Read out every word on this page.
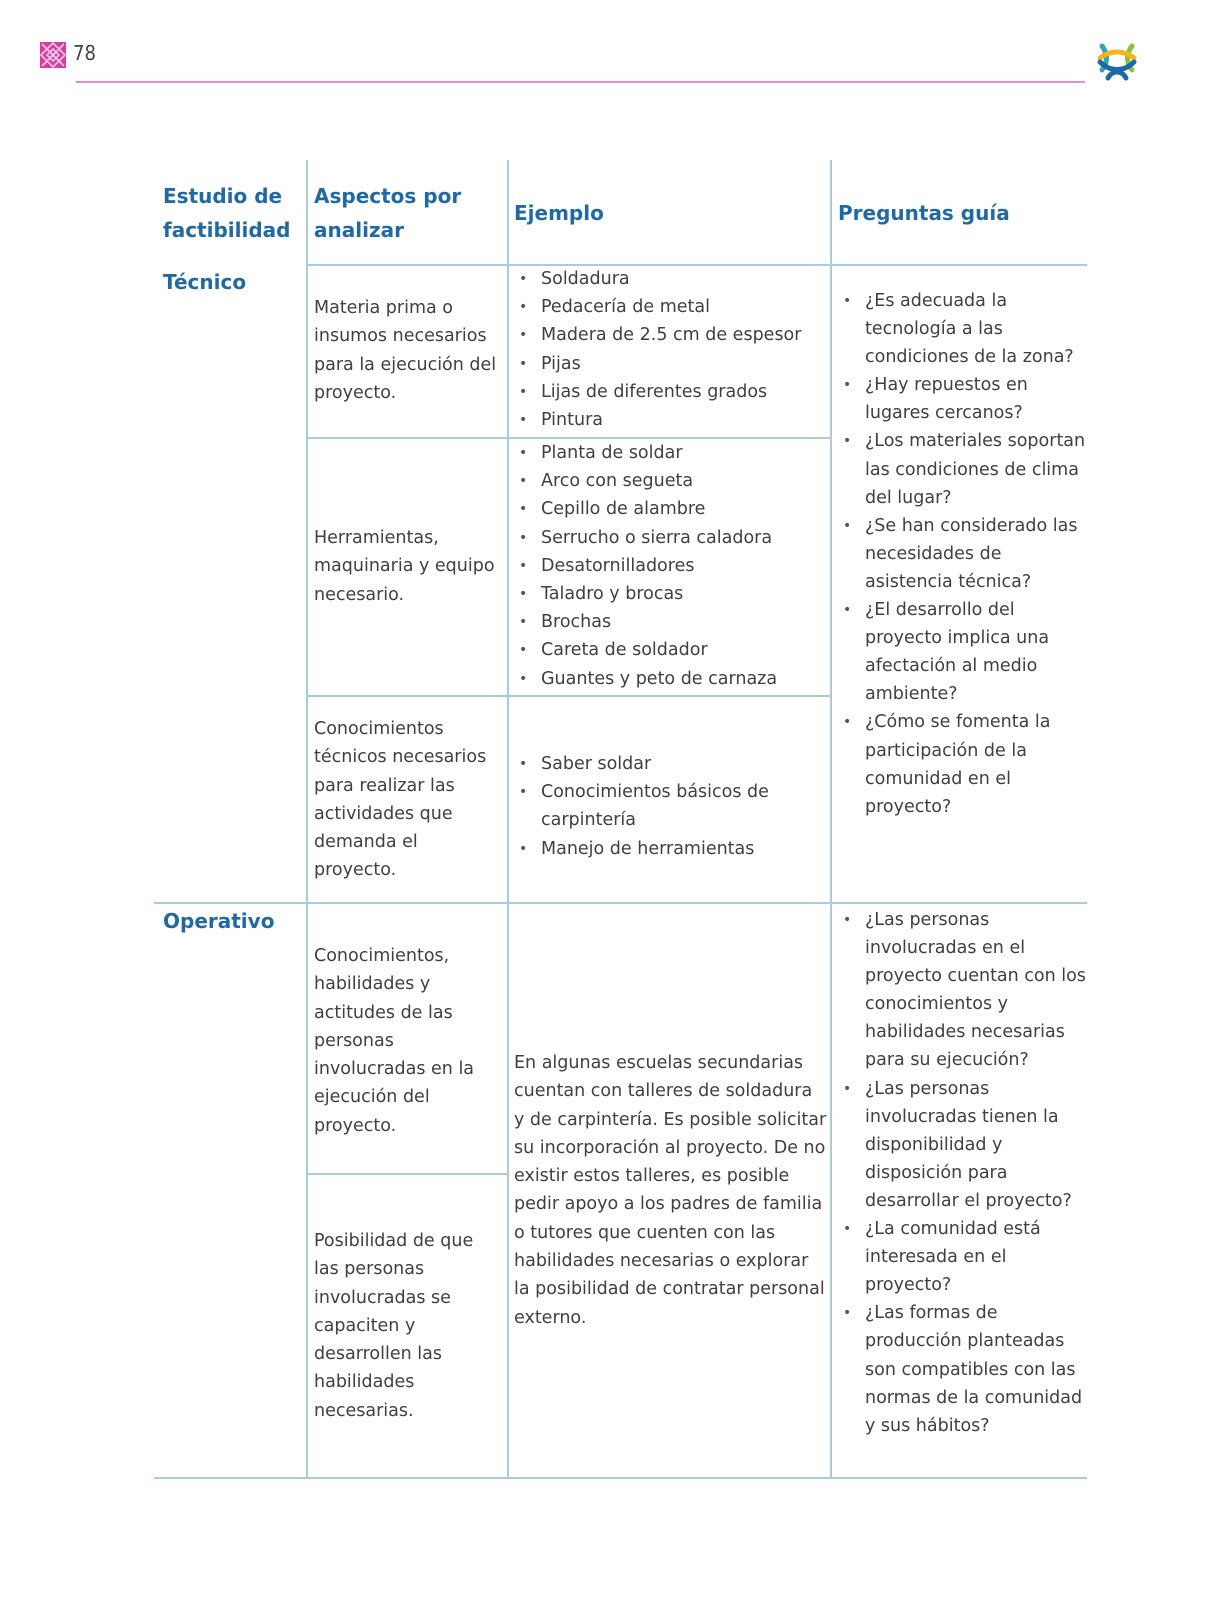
78
Estudio de factibilidad
Aspectos por analizar
Ejemplo	Preguntas guía
Técnico
Materia prima o insumos necesarios para la ejecución del proyecto.
• Soldadura
• Pedacería de metal
• Madera de 2.5 cm de espesor
• Pijas
• Lijas de diferentes grados
• Pintura
Herramientas, maquinaria y equipo necesario.
• Planta de soldar
• Arco con segueta
• Cepillo de alambre
• Serrucho o sierra caladora
• Desatornilladores
• Taladro y brocas
• Brochas
• Careta de soldador
• Guantes y peto de carnaza
Conocimientos técnicos necesarios para realizar las actividades que demanda el proyecto.
• Saber soldar
• Conocimientos básicos de carpintería
• Manejo de herramientas
• ¿Es adecuada la tecnología a las condiciones de la zona?
• ¿Hay repuestos en lugares cercanos?
• ¿Los materiales soportan las condiciones de clima del lugar?
• ¿Se han considerado las necesidades de asistencia técnica?
• ¿El desarrollo del proyecto implica una afectación al medio ambiente?
• ¿Cómo se fomenta la participación de la comunidad en el proyecto?
Operativo
Conocimientos, habilidades y actitudes de las personas involucradas en la ejecución del proyecto.
Posibilidad de que las personas involucradas se capaciten y desarrollen las habilidades necesarias.
En algunas escuelas secundarias cuentan con talleres de soldadura y de carpintería. Es posible solicitar su incorporación al proyecto. De no existir estos talleres, es posible pedir apoyo a los padres de familia o tutores que cuenten con las habilidades necesarias o explorar la posibilidad de contratar personal externo.
• ¿Las personas involucradas en el proyecto cuentan con los conocimientos y habilidades necesarias para su ejecución?
• ¿Las personas involucradas tienen la disponibilidad y disposición para desarrollar el proyecto?
• ¿La comunidad está interesada en el proyecto?
• ¿Las formas de producción planteadas son compatibles con las normas de la comunidad y sus hábitos?
